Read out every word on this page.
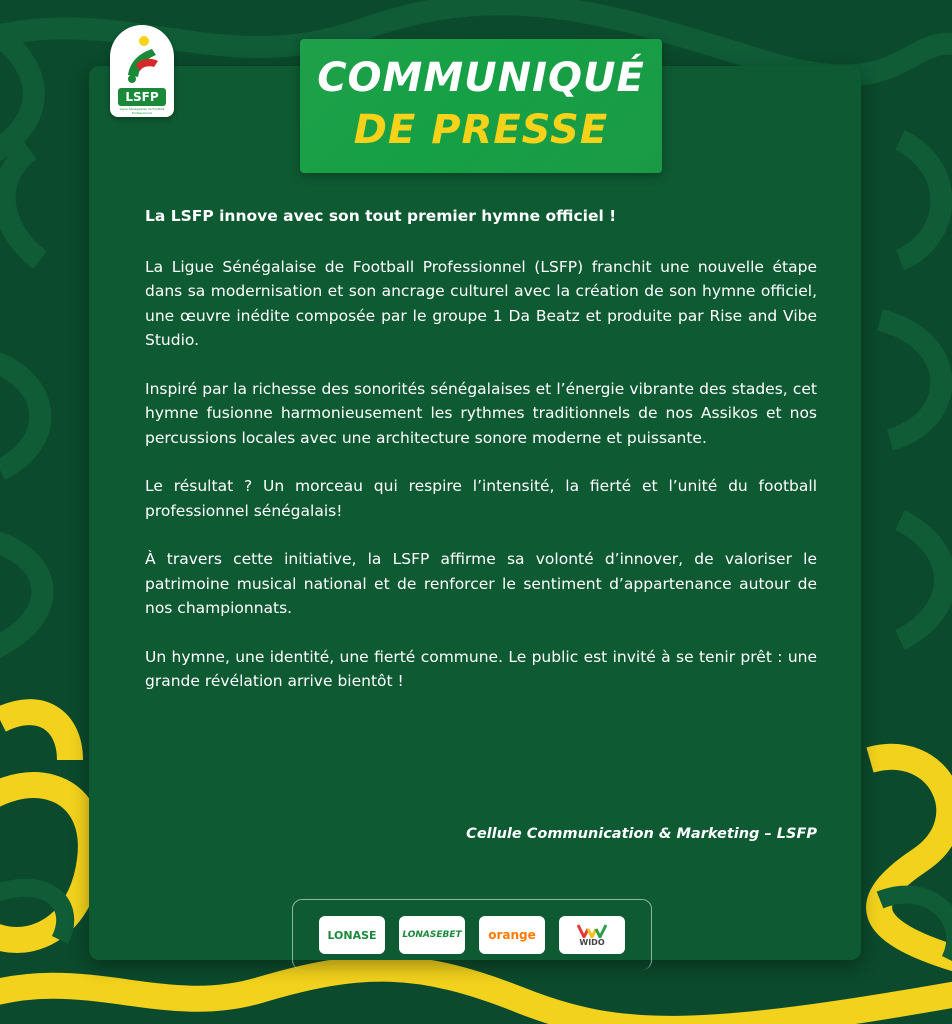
LSFP
Ligue Sénégalaise de Football Professionnel
COMMUNIQUÉ
DE PRESSE

La LSFP innove avec son tout premier hymne officiel !

La Ligue Sénégalaise de Football Professionnel (LSFP) franchit une nouvelle étape dans sa modernisation et son ancrage culturel avec la création de son hymne officiel, une œuvre inédite composée par le groupe 1 Da Beatz et produite par Rise and Vibe Studio.

Inspiré par la richesse des sonorités sénégalaises et l’énergie vibrante des stades, cet hymne fusionne harmonieusement les rythmes traditionnels de nos Assikos et nos percussions locales avec une architecture sonore moderne et puissante.

Le résultat ? Un morceau qui respire l’intensité, la fierté et l’unité du football professionnel sénégalais!

À travers cette initiative, la LSFP affirme sa volonté d’innover, de valoriser le patrimoine musical national et de renforcer le sentiment d’appartenance autour de nos championnats.

Un hymne, une identité, une fierté commune. Le public est invité à se tenir prêt : une grande révélation arrive bientôt !

Cellule Communication & Marketing – LSFP
LONASE	LONASEBET orange	WIDO
